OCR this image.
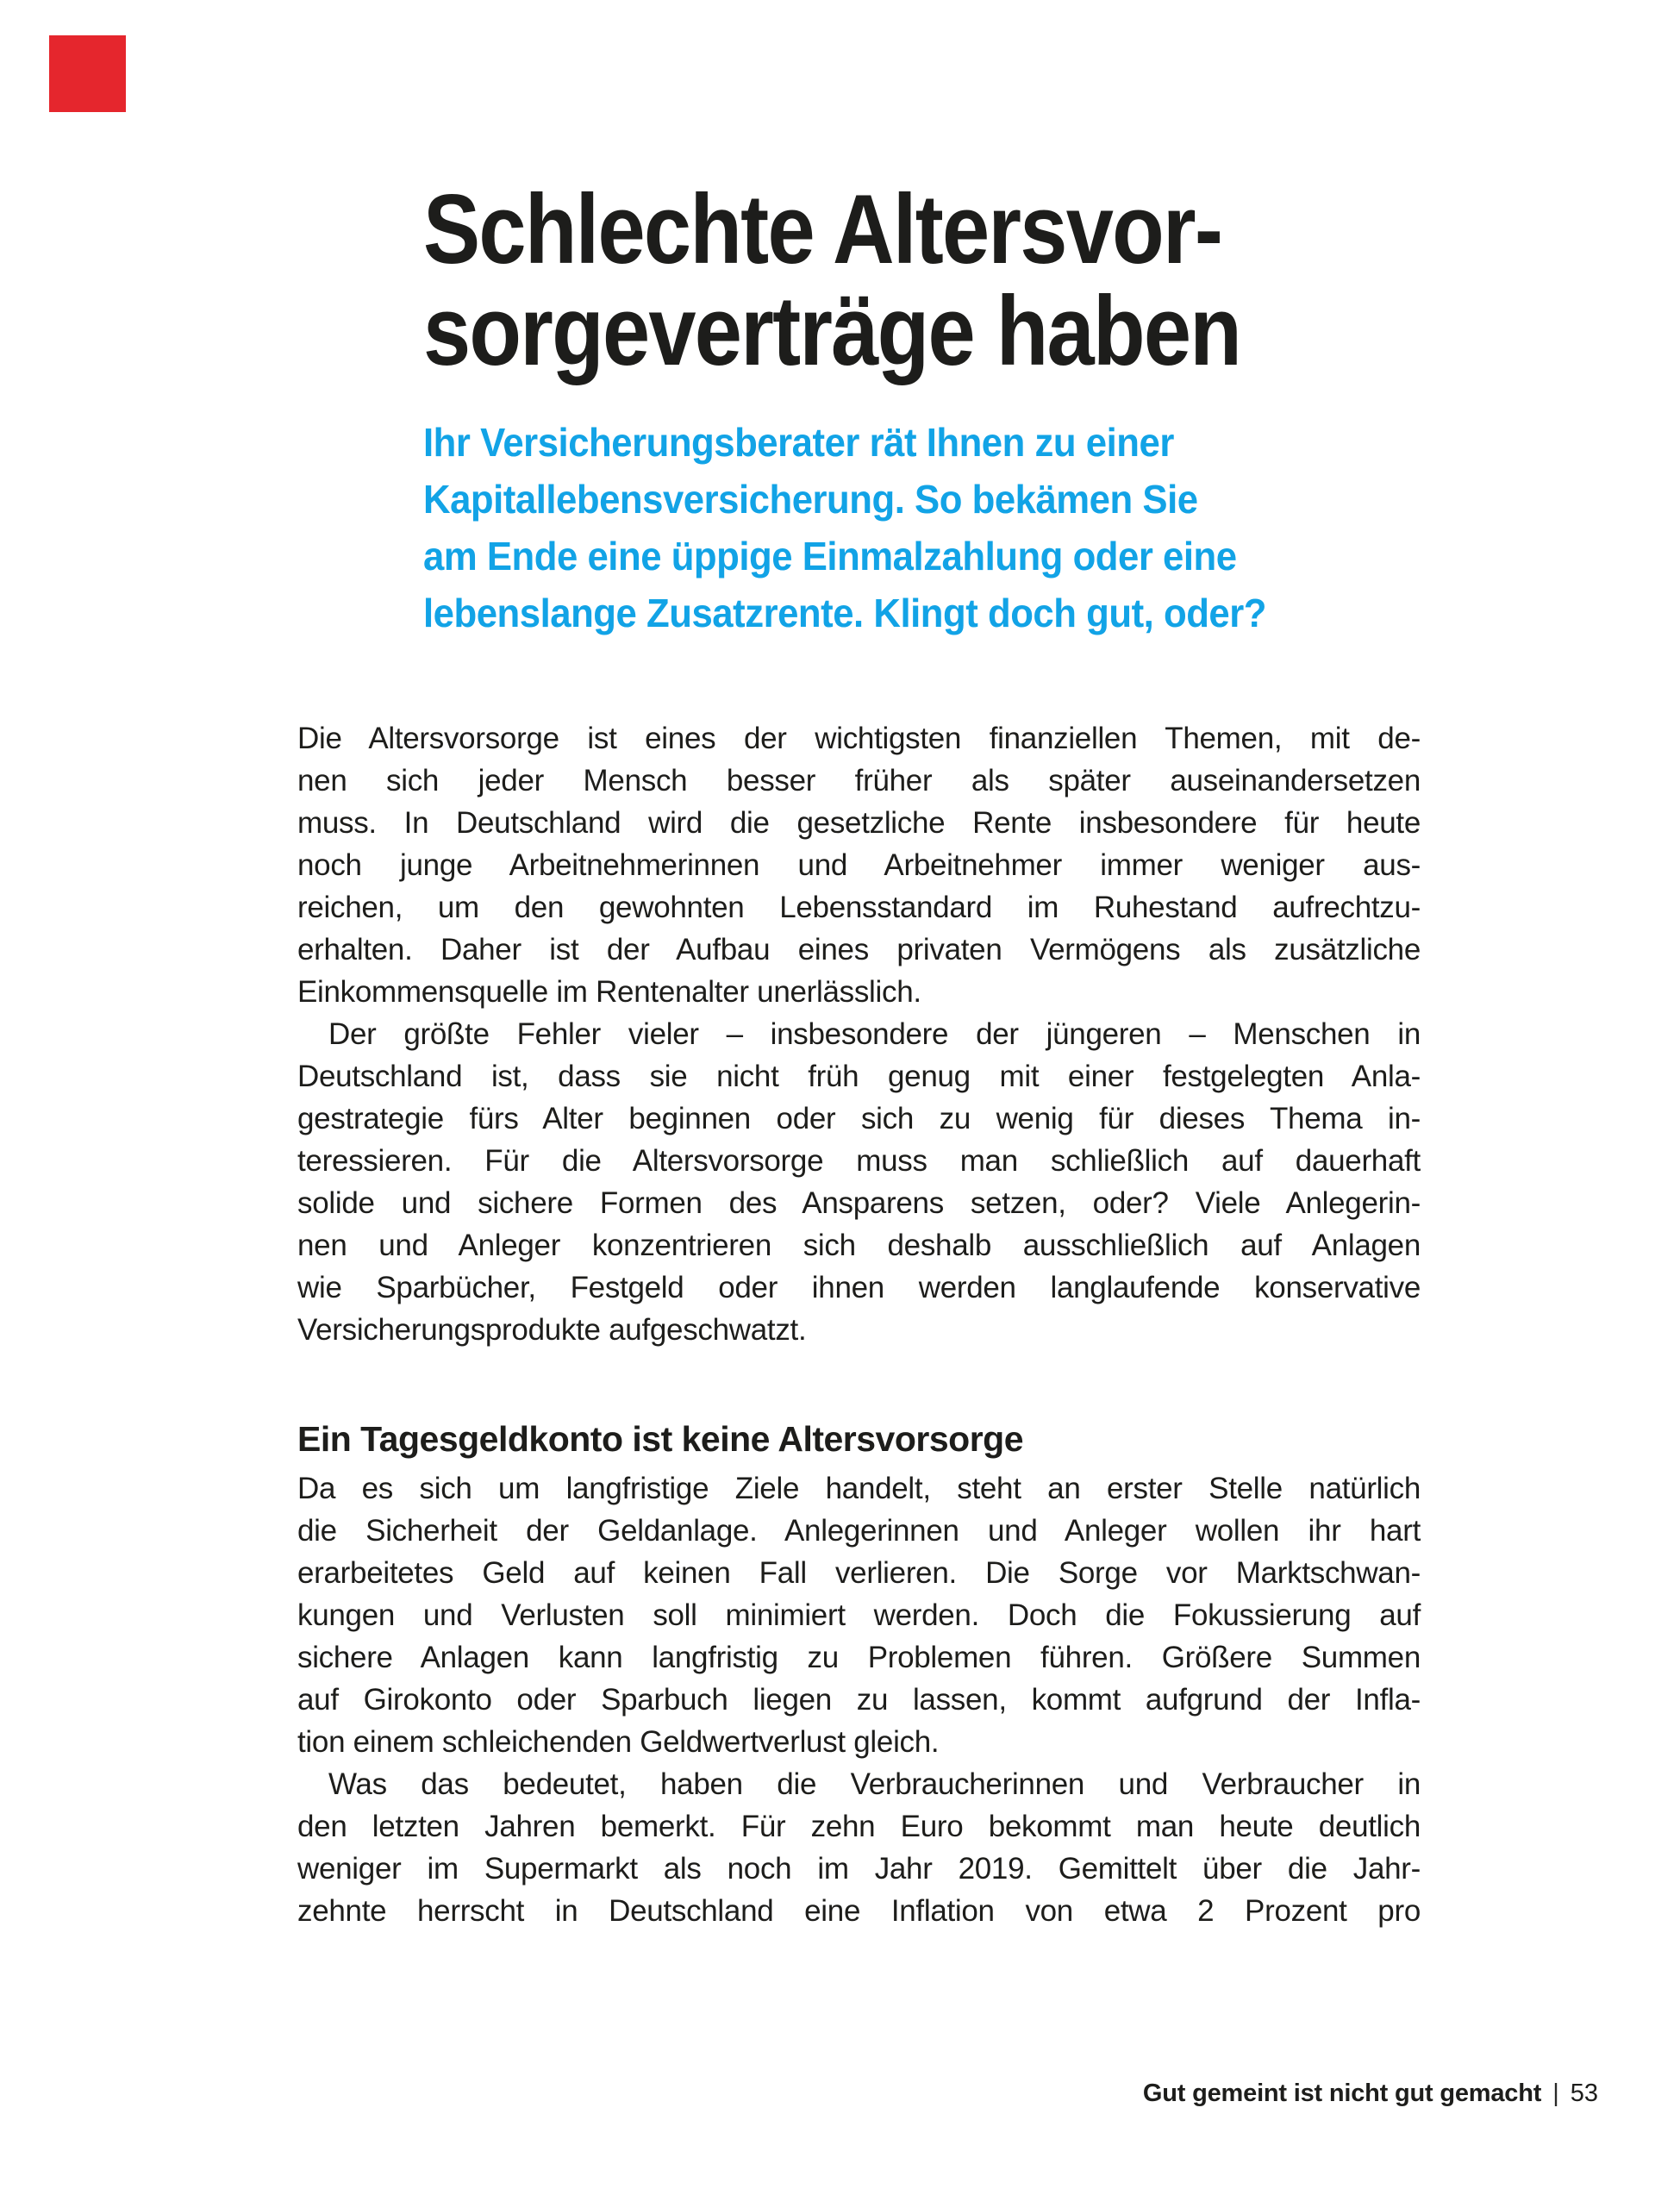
Schlechte Altersvor-
sorgeverträge haben
Ihr Versicherungsberater rät Ihnen zu einer
Kapitallebensversicherung. So bekämen Sie
am Ende eine üppige Einmalzahlung oder eine
lebenslange Zusatzrente. Klingt doch gut, oder?
Die Altersvorsorge ist eines der wichtigsten finanziellen Themen, mit de-
nen sich jeder Mensch besser früher als später auseinandersetzen
muss. In Deutschland wird die gesetzliche Rente insbesondere für heute
noch junge Arbeitnehmerinnen und Arbeitnehmer immer weniger aus-
reichen, um den gewohnten Lebensstandard im Ruhestand aufrechtzu-
erhalten. Daher ist der Aufbau eines privaten Vermögens als zusätzliche
Einkommensquelle im Rentenalter unerlässlich.
Der größte Fehler vieler – insbesondere der jüngeren – Menschen in
Deutschland ist, dass sie nicht früh genug mit einer festgelegten Anla-
gestrategie fürs Alter beginnen oder sich zu wenig für dieses Thema in-
teressieren. Für die Altersvorsorge muss man schließlich auf dauerhaft
solide und sichere Formen des Ansparens setzen, oder? Viele Anlegerin-
nen und Anleger konzentrieren sich deshalb ausschließlich auf Anlagen
wie Sparbücher, Festgeld oder ihnen werden langlaufende konservative
Versicherungsprodukte aufgeschwatzt.
Ein Tagesgeldkonto ist keine Altersvorsorge
Da es sich um langfristige Ziele handelt, steht an erster Stelle natürlich
die Sicherheit der Geldanlage. Anlegerinnen und Anleger wollen ihr hart
erarbeitetes Geld auf keinen Fall verlieren. Die Sorge vor Marktschwan-
kungen und Verlusten soll minimiert werden. Doch die Fokussierung auf
sichere Anlagen kann langfristig zu Problemen führen. Größere Summen
auf Girokonto oder Sparbuch liegen zu lassen, kommt aufgrund der Infla-
tion einem schleichenden Geldwertverlust gleich.
Was das bedeutet, haben die Verbraucherinnen und Verbraucher in
den letzten Jahren bemerkt. Für zehn Euro bekommt man heute deutlich
weniger im Supermarkt als noch im Jahr 2019. Gemittelt über die Jahr-
zehnte herrscht in Deutschland eine Inflation von etwa 2 Prozent pro
Gut gemeint ist nicht gut gemacht | 53
